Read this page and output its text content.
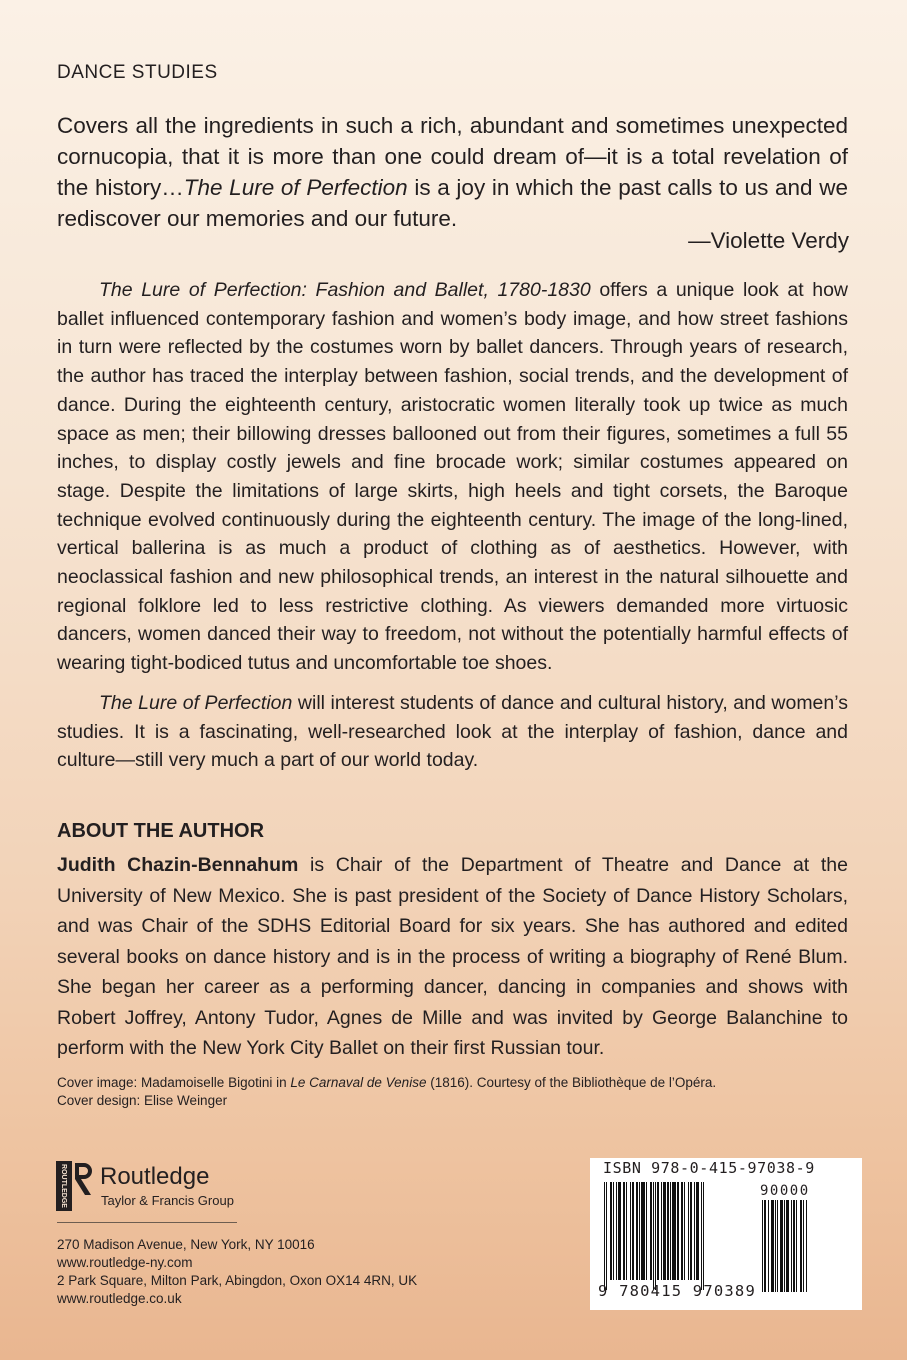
DANCE STUDIES
Covers all the ingredients in such a rich, abundant and sometimes unexpected cornucopia, that it is more than one could dream of—it is a total revelation of the history…The Lure of Perfection is a joy in which the past calls to us and we rediscover our memories and our future.
—Violette Verdy

The Lure of Perfection: Fashion and Ballet, 1780-1830 offers a unique look at how ballet influenced contemporary fashion and women’s body image, and how street fashions in turn were reflected by the costumes worn by ballet dancers. Through years of research, the author has traced the interplay between fashion, social trends, and the development of dance. During the eighteenth century, aristocratic women literally took up twice as much space as men; their billowing dresses ballooned out from their figures, sometimes a full 55 inches, to display costly jewels and fine brocade work; similar costumes appeared on stage. Despite the limitations of large skirts, high heels and tight corsets, the Baroque technique evolved continuously during the eighteenth century. The image of the long-lined, vertical ballerina is as much a product of clothing as of aesthetics. However, with neoclassical fashion and new philosophical trends, an interest in the natural silhouette and regional folklore led to less restrictive clothing. As viewers demanded more virtuosic dancers, women danced their way to freedom, not without the potentially harmful effects of wearing tight-bodiced tutus and uncomfortable toe shoes.

The Lure of Perfection will interest students of dance and cultural history, and women’s studies. It is a fascinating, well-researched look at the interplay of fashion, dance and culture—still very much a part of our world today.

ABOUT THE AUTHOR
Judith Chazin-Bennahum is Chair of the Department of Theatre and Dance at the University of New Mexico. She is past president of the Society of Dance History Scholars, and was Chair of the SDHS Editorial Board for six years. She has authored and edited several books on dance history and is in the process of writing a biography of René Blum. She began her career as a performing dancer, dancing in companies and shows with Robert Joffrey, Antony Tudor, Agnes de Mille and was invited by George Balanchine to perform with the New York City Ballet on their first Russian tour.
Cover image: Madamoiselle Bigotini in Le Carnaval de Venise (1816). Courtesy of the Bibliothèque de l’Opéra.
Cover design: Elise Weinger
ROUTLEDGE Routledge
Taylor & Francis Group
270 Madison Avenue, New York, NY 10016
www.routledge-ny.com
2 Park Square, Milton Park, Abingdon, Oxon OX14 4RN, UK
www.routledge.co.uk
ISBN 978-0-415-97038-9
90000
9 780415 970389
